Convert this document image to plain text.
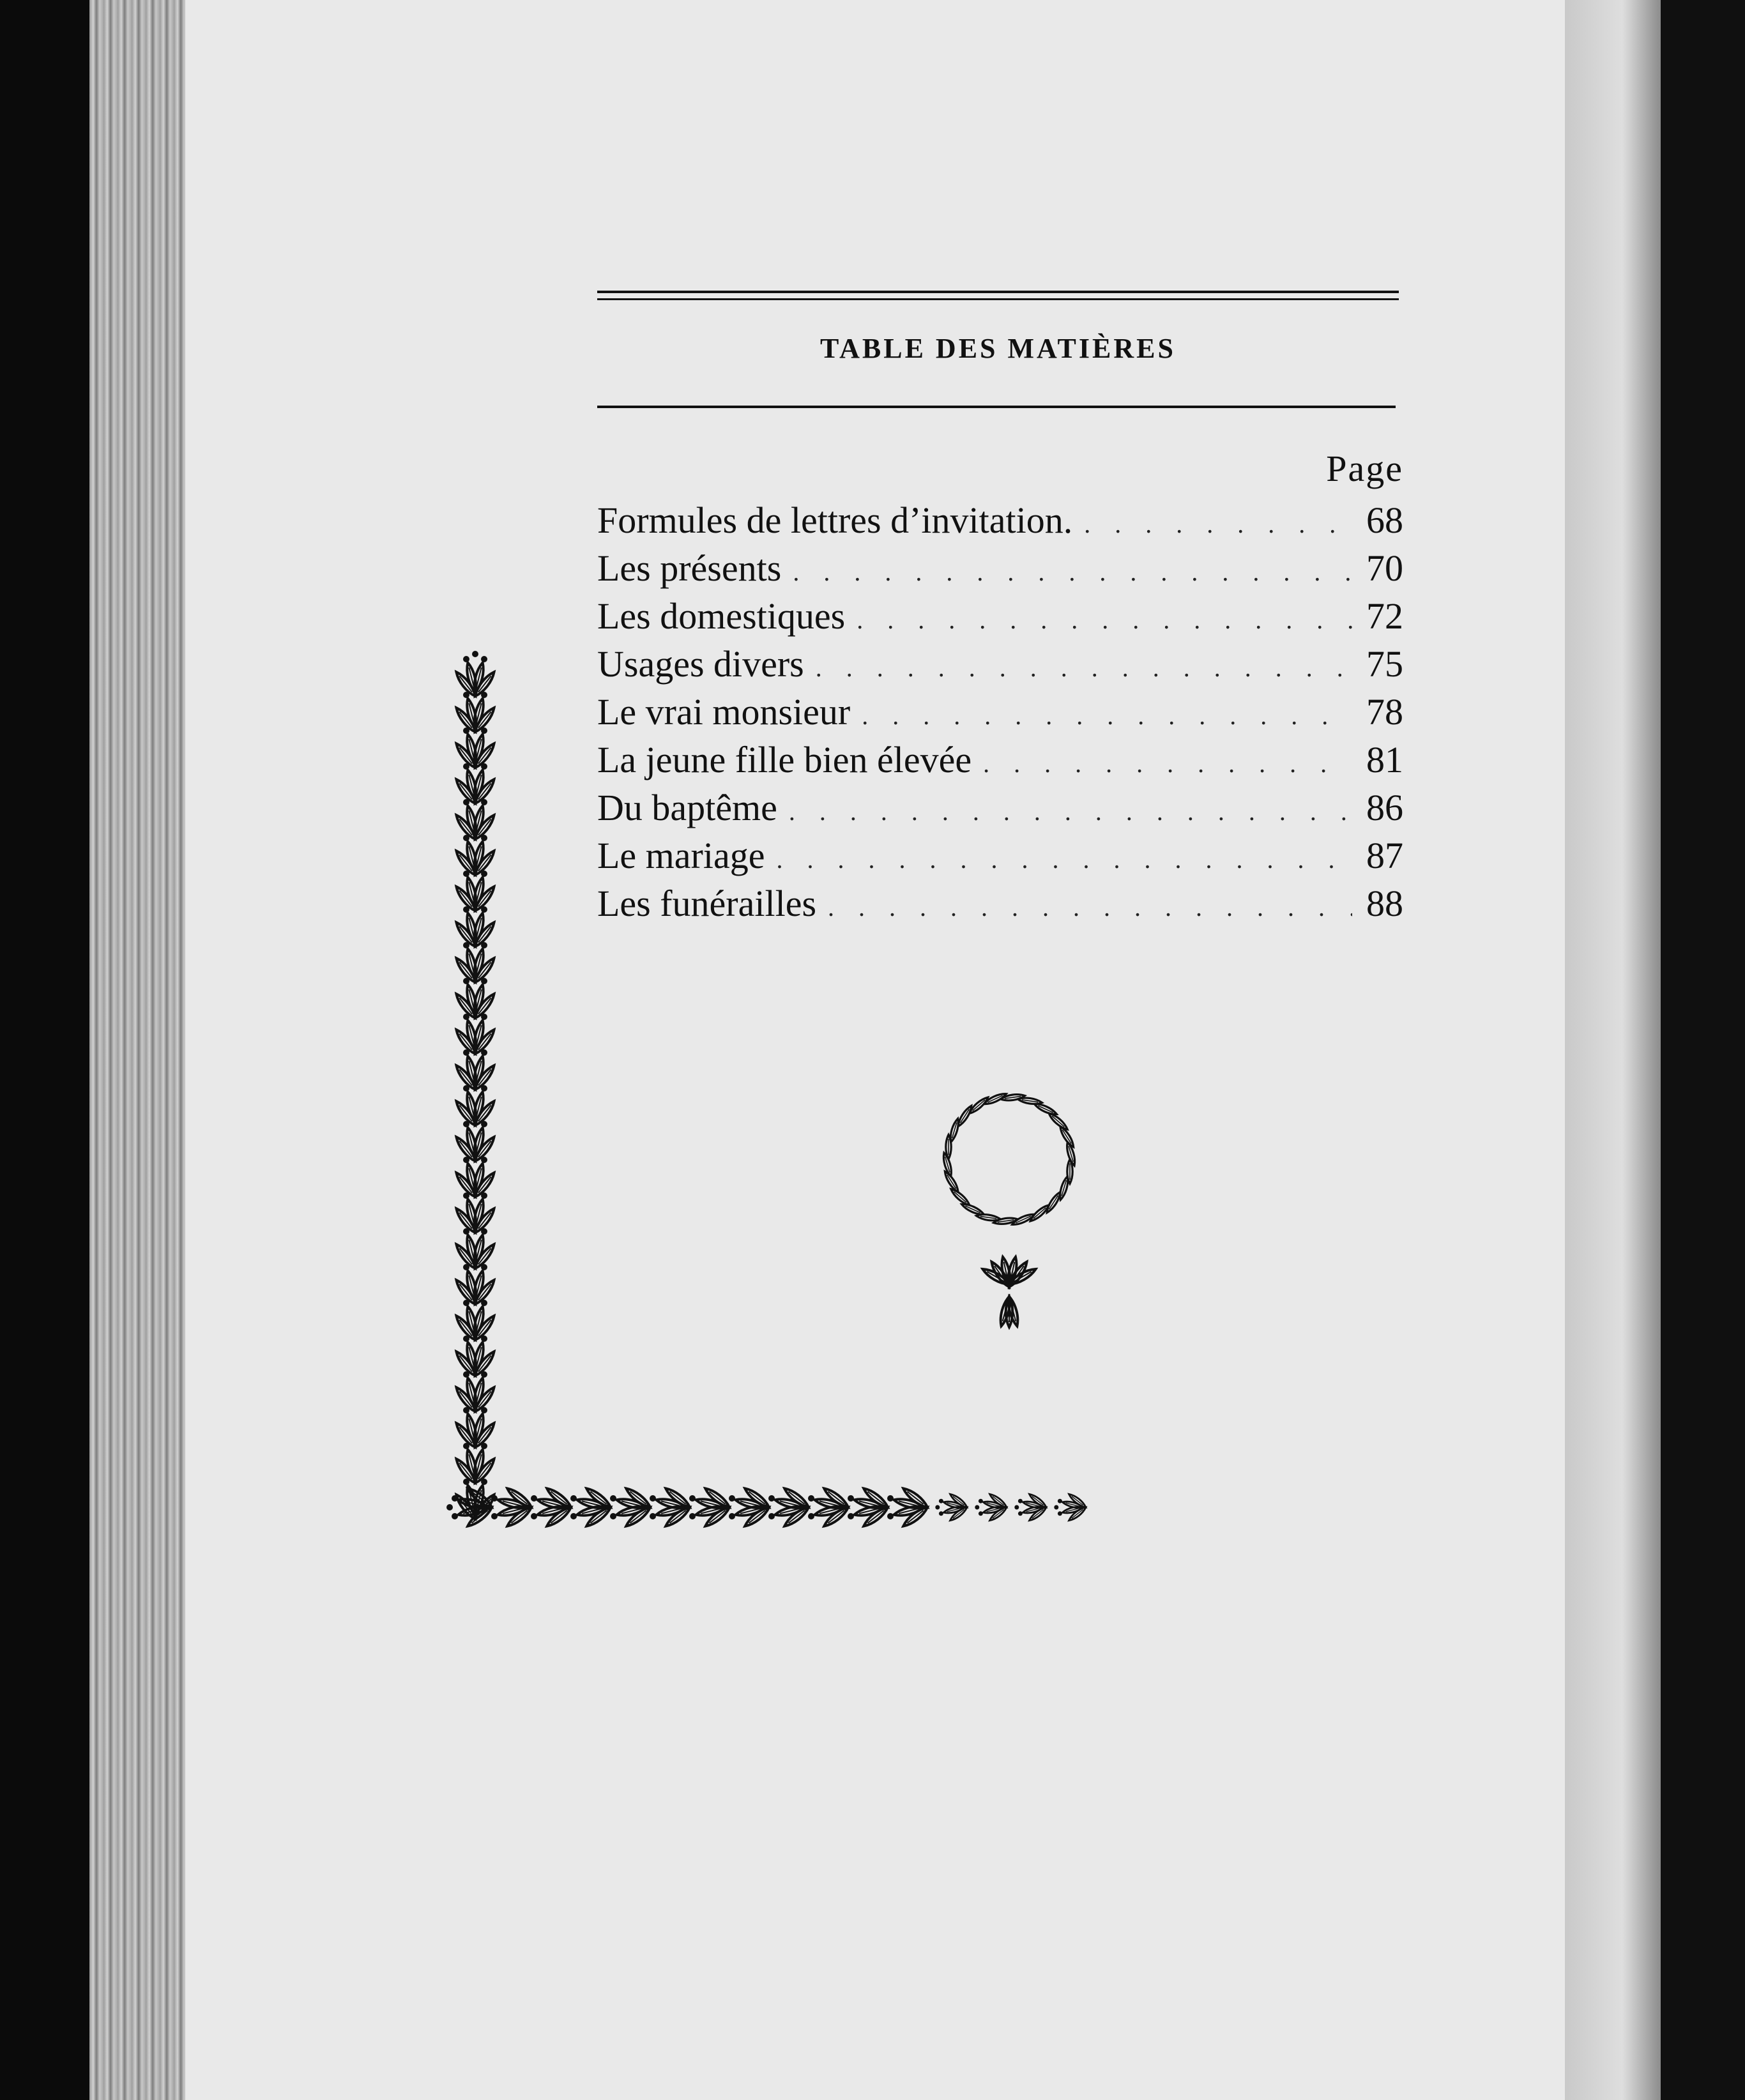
TABLE DES MATIÈRES
Page
Formules de lettres d’invitation. . . .	68
Les présents . . .	70
Les domestiques . . .	72
Usages divers . . .	75
Le vrai monsieur . . .	78
La jeune fille bien élevée . . .	81
Du baptême . . .	86
Le mariage . . .	87
Les funérailles . . .	88
